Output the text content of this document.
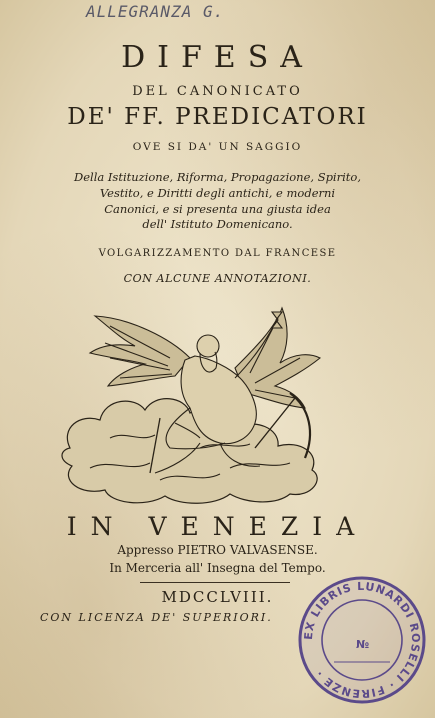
ALLEGRANZA G.
DIFESA
DEL CANONICATO
DE' FF. PREDICATORI
OVE SI DA' UN SAGGIO
Della Istituzione, Riforma, Propagazione, Spirito,
Vestito, e Diritti degli antichi, e moderni
Canonici, e si presenta una giusta idea
dell' Istituto Domenicano.
VOLGARIZZAMENTO DAL FRANCESE
CON ALCUNE ANNOTAZIONI.
IN VENEZIA
Appresso PIETRO VALVASENSE.
In Merceria all' Insegna del Tempo.
MDCCLVIII.
CON LICENZA DE' SUPERIORI.
EX LIBRIS LUNARDI ROSELLI · FIRENZE ·
№
